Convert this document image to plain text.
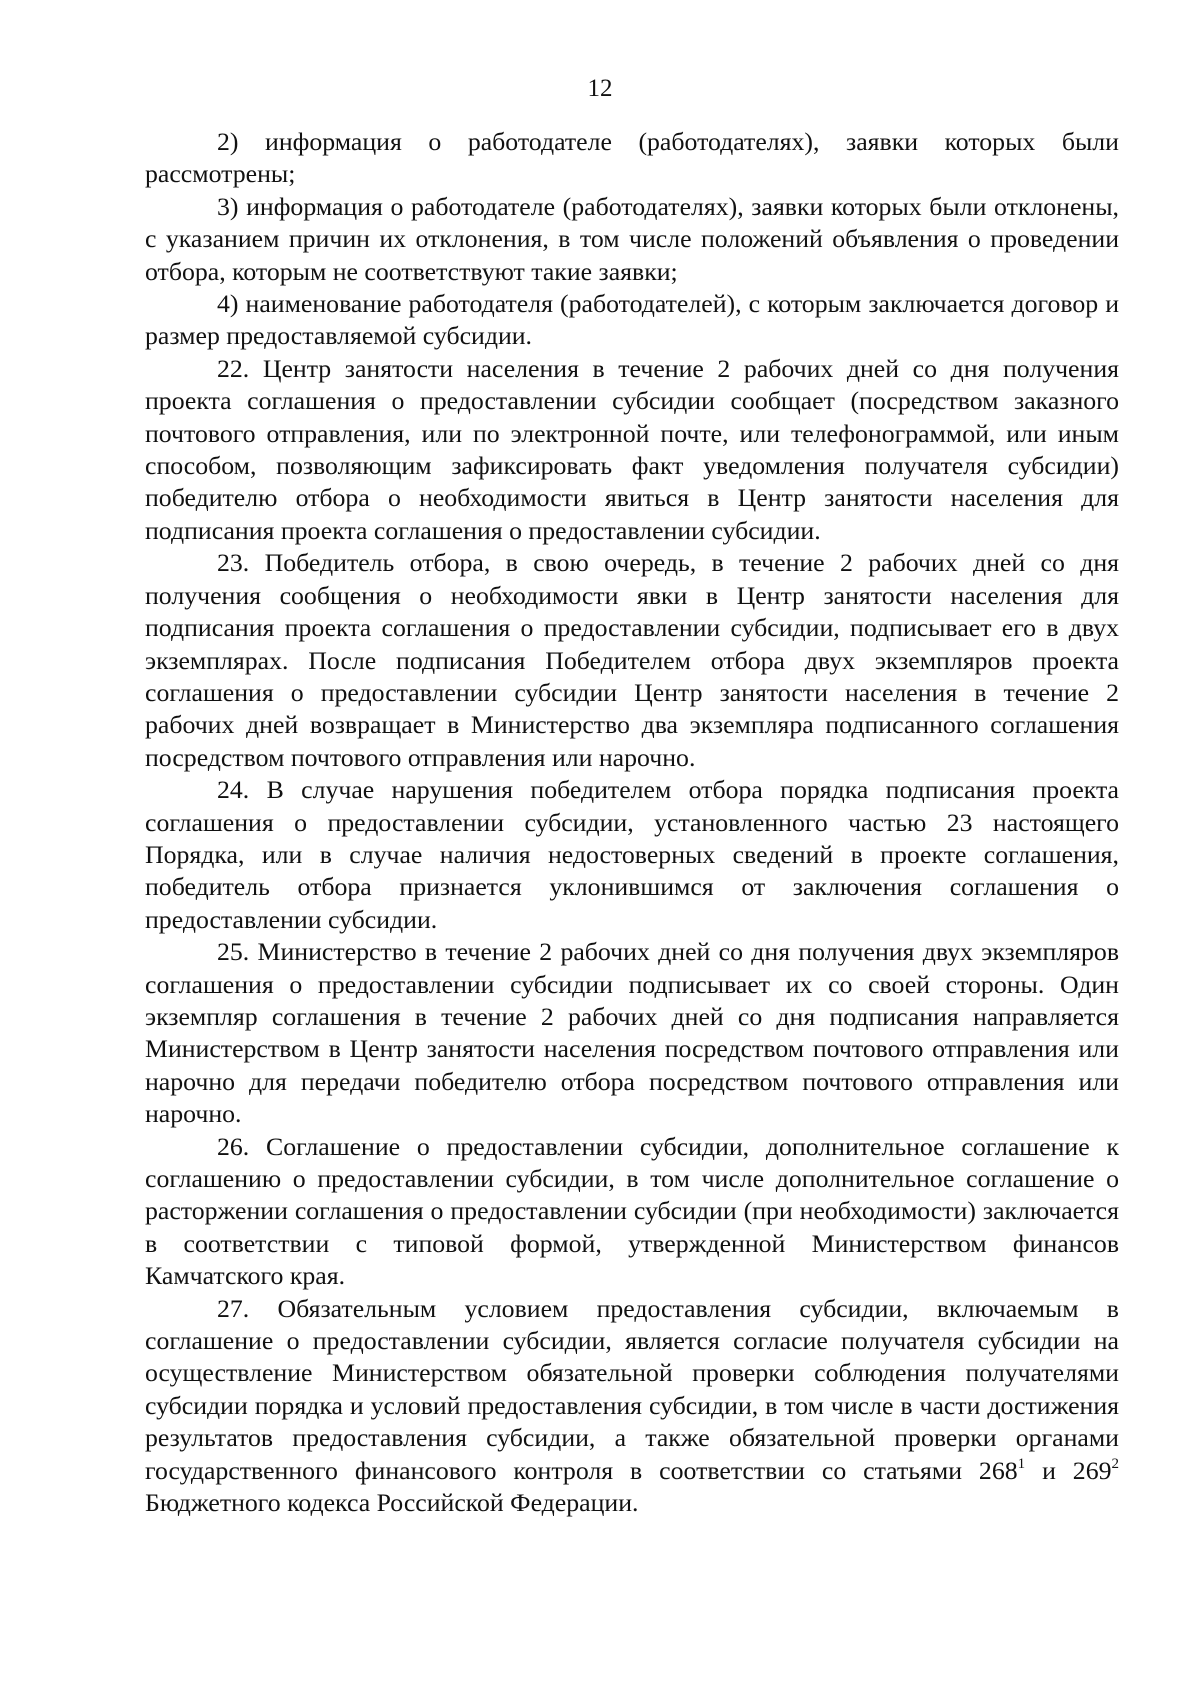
12

2) информация о работодателе (работодателях), заявки которых были рассмотрены;

3) информация о работодателе (работодателях), заявки которых были отклонены, с указанием причин их отклонения, в том числе положений объявления о проведении отбора, которым не соответствуют такие заявки;

4) наименование работодателя (работодателей), с которым заключается договор и размер предоставляемой субсидии.

22. Центр занятости населения в течение 2 рабочих дней со дня получения проекта соглашения о предоставлении субсидии сообщает (посредством заказного почтового отправления, или по электронной почте, или телефонограммой, или иным способом, позволяющим зафиксировать факт уведомления получателя субсидии) победителю отбора о необходимости явиться в Центр занятости населения для подписания проекта соглашения о предоставлении субсидии.

23. Победитель отбора, в свою очередь, в течение 2 рабочих дней со дня получения сообщения о необходимости явки в Центр занятости населения для подписания проекта соглашения о предоставлении субсидии, подписывает его в двух экземплярах. После подписания Победителем отбора двух экземпляров проекта соглашения о предоставлении субсидии Центр занятости населения в течение 2 рабочих дней возвращает в Министерство два экземпляра подписанного соглашения посредством почтового отправления или нарочно.

24. В случае нарушения победителем отбора порядка подписания проекта соглашения о предоставлении субсидии, установленного частью 23 настоящего Порядка, или в случае наличия недостоверных сведений в проекте соглашения, победитель отбора признается уклонившимся от заключения соглашения о предоставлении субсидии.

25. Министерство в течение 2 рабочих дней со дня получения двух экземпляров соглашения о предоставлении субсидии подписывает их со своей стороны. Один экземпляр соглашения в течение 2 рабочих дней со дня подписания направляется Министерством в Центр занятости населения посредством почтового отправления или нарочно для передачи победителю отбора посредством почтового отправления или нарочно.

26. Соглашение о предоставлении субсидии, дополнительное соглашение к соглашению о предоставлении субсидии, в том числе дополнительное соглашение о расторжении соглашения о предоставлении субсидии (при необходимости) заключается в соответствии с типовой формой, утвержденной Министерством финансов Камчатского края.

27. Обязательным условием предоставления субсидии, включаемым в соглашение о предоставлении субсидии, является согласие получателя субсидии на осуществление Министерством обязательной проверки соблюдения получателями субсидии порядка и условий предоставления субсидии, в том числе в части достижения результатов предоставления субсидии, а также обязательной проверки органами государственного финансового контроля в соответствии со статьями $268^1$ и $269^2$ Бюджетного кодекса Российской Федерации.
